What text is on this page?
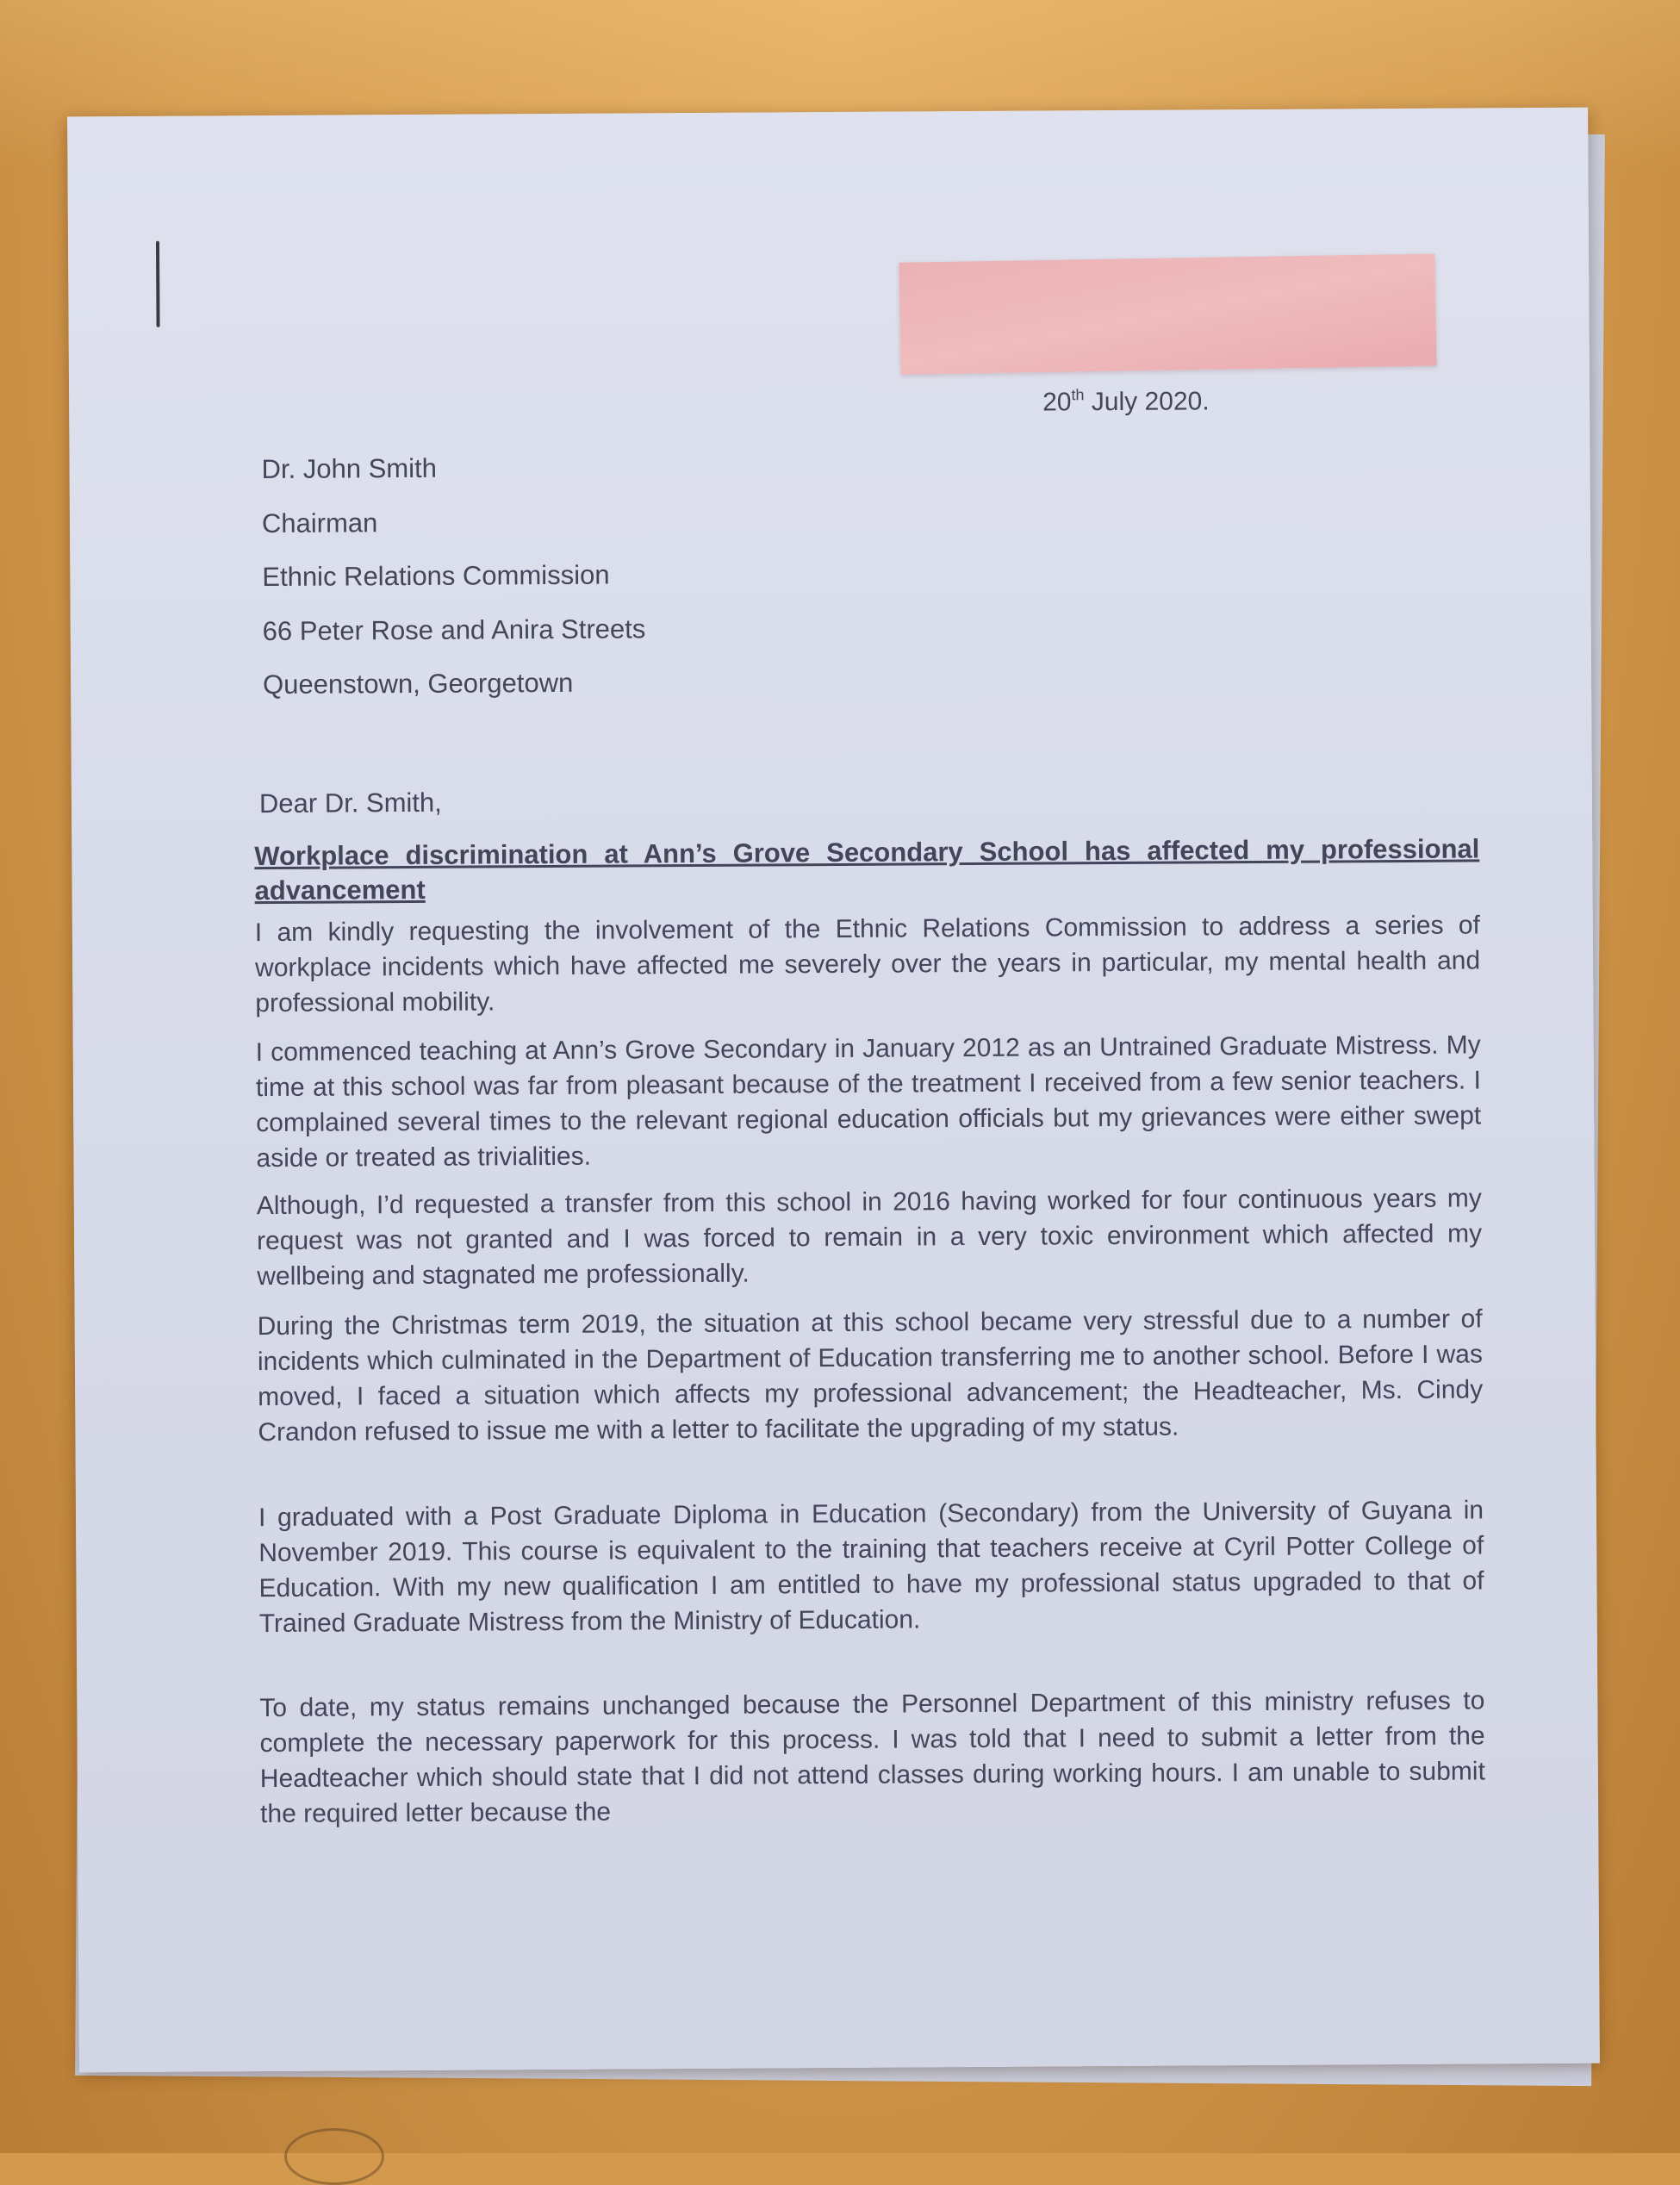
20th July 2020.
Dr. John Smith
Chairman
Ethnic Relations Commission
66 Peter Rose and Anira Streets
Queenstown, Georgetown
Dear Dr. Smith,
Workplace discrimination at Ann’s Grove Secondary School has affected my professional advancement
I am kindly requesting the involvement of the Ethnic Relations Commission to address a series of workplace incidents which have affected me severely over the years in particular, my mental health and professional mobility.
I commenced teaching at Ann’s Grove Secondary in January 2012 as an Untrained Graduate Mistress. My time at this school was far from pleasant because of the treatment I received from a few senior teachers. I complained several times to the relevant regional education officials but my grievances were either swept aside or treated as trivialities.
Although, I’d requested a transfer from this school in 2016 having worked for four continuous years my request was not granted and I was forced to remain in a very toxic environment which affected my wellbeing and stagnated me professionally.
During the Christmas term 2019, the situation at this school became very stressful due to a number of incidents which culminated in the Department of Education transferring me to another school. Before I was moved, I faced a situation which affects my professional advancement; the Headteacher, Ms. Cindy Crandon refused to issue me with a letter to facilitate the upgrading of my status.
I graduated with a Post Graduate Diploma in Education (Secondary) from the University of Guyana in November 2019. This course is equivalent to the training that teachers receive at Cyril Potter College of Education. With my new qualification I am entitled to have my professional status upgraded to that of Trained Graduate Mistress from the Ministry of Education.
To date, my status remains unchanged because the Personnel Department of this ministry refuses to complete the necessary paperwork for this process. I was told that I need to submit a letter from the Headteacher which should state that I did not attend classes during working hours. I am unable to submit the required letter because the
